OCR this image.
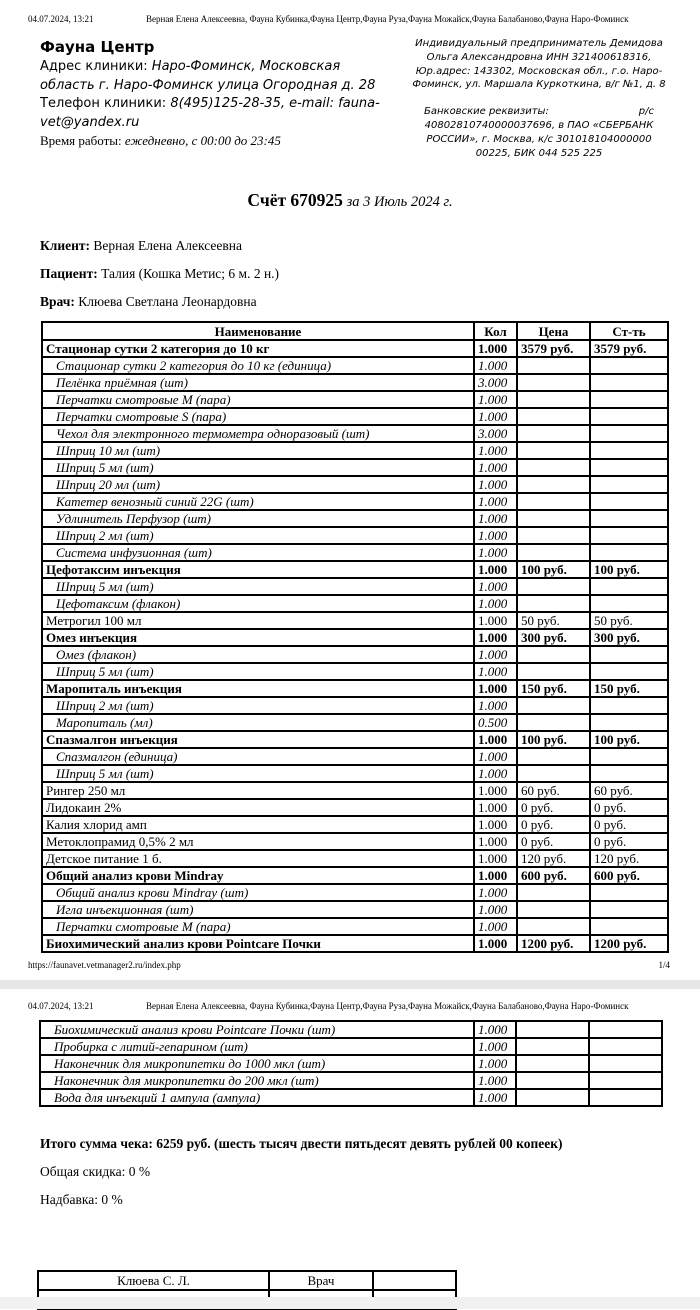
04.07.2024, 13:21	Верная Елена Алексеевна, Фауна Кубинка,Фауна Центр,Фауна Руза,Фауна Можайск,Фауна Балабаново,Фауна Наро-Фоминск
Фауна Центр
Адрес клиники: Наро-Фоминск, Московская область г. Наро-Фоминск улица Огородная д. 28
Телефон клиники: 8(495)125-28-35, e-mail: fauna-vet@yandex.ru
Время работы: ежедневно, с 00:00 до 23:45
Индивидуальный предприниматель Демидова Ольга Александровна ИНН 321400618316, Юр.адрес: 143302, Московская обл., г.о. Наро-Фоминск, ул. Маршала Куркоткина, в/г №1, д. 8
Банковские реквизиты:	р/с
40802810740000037696, в ПАО «СБЕРБАНК РОССИИ», г. Москва, к/с 301018104000000 00225, БИК 044 525 225
Счёт 670925 за 3 Июль 2024 г.
Клиент: Верная Елена Алексеевна
Пациент: Талия (Кошка Метис; 6 м. 2 н.)
Врач: Клюева Светлана Леонардовна
Наименование	Кол	Цена	Ст-ть
Стационар сутки 2 категория до 10 кг	1.000	3579 руб.	3579 руб.
Стационар сутки 2 категория до 10 кг (единица)	1.000		
Пелёнка приёмная (шт)	3.000		
Перчатки смотровые M (пара)	1.000		
Перчатки смотровые S (пара)	1.000		
Чехол для электронного термометра одноразовый (шт)	3.000		
Шприц 10 мл (шт)	1.000		
Шприц 5 мл (шт)	1.000		
Шприц 20 мл (шт)	1.000		
Катетер венозный синий 22G (шт)	1.000		
Удлинитель Перфузор (шт)	1.000		
Шприц 2 мл (шт)	1.000		
Система инфузионная (шт)	1.000		
Цефотаксим инъекция	1.000	100 руб.	100 руб.
Шприц 5 мл (шт)	1.000		
Цефотаксим (флакон)	1.000		
Метрогил 100 мл	1.000	50 руб.	50 руб.
Омез инъекция	1.000	300 руб.	300 руб.
Омез (флакон)	1.000		
Шприц 5 мл (шт)	1.000		
Маропиталь инъекция	1.000	150 руб.	150 руб.
Шприц 2 мл (шт)	1.000		
Маропиталь (мл)	0.500		
Спазмалгон инъекция	1.000	100 руб.	100 руб.
Спазмалгон (единица)	1.000		
Шприц 5 мл (шт)	1.000		
Рингер 250 мл	1.000	60 руб.	60 руб.
Лидокаин 2%	1.000	0 руб.	0 руб.
Калия хлорид амп	1.000	0 руб.	0 руб.
Метоклопрамид 0,5% 2 мл	1.000	0 руб.	0 руб.
Детское питание 1 б.	1.000	120 руб.	120 руб.
Общий анализ крови Mindray	1.000	600 руб.	600 руб.
Общий анализ крови Mindray (шт)	1.000		
Игла инъекционная (шт)	1.000		
Перчатки смотровые M (пара)	1.000		
Биохимический анализ крови Pointcare Почки	1.000	1200 руб.	1200 руб.
https://faunavet.vetmanager2.ru/index.php	1/4
04.07.2024, 13:21	Верная Елена Алексеевна, Фауна Кубинка,Фауна Центр,Фауна Руза,Фауна Можайск,Фауна Балабаново,Фауна Наро-Фоминск
Биохимический анализ крови Pointcare Почки (шт)	1.000		
Пробирка с литий-гепарином (шт)	1.000		
Наконечник для микропипетки до 1000 мкл (шт)	1.000		
Наконечник для микропипетки до 200 мкл (шт)	1.000		
Вода для инъекций 1 ампула (ампула)	1.000		
Итого сумма чека: 6259 руб. (шесть тысяч двести пятьдесят девять рублей 00 копеек)
Общая скидка: 0 %
Надбавка: 0 %
Клюева С. Л.	Врач	
